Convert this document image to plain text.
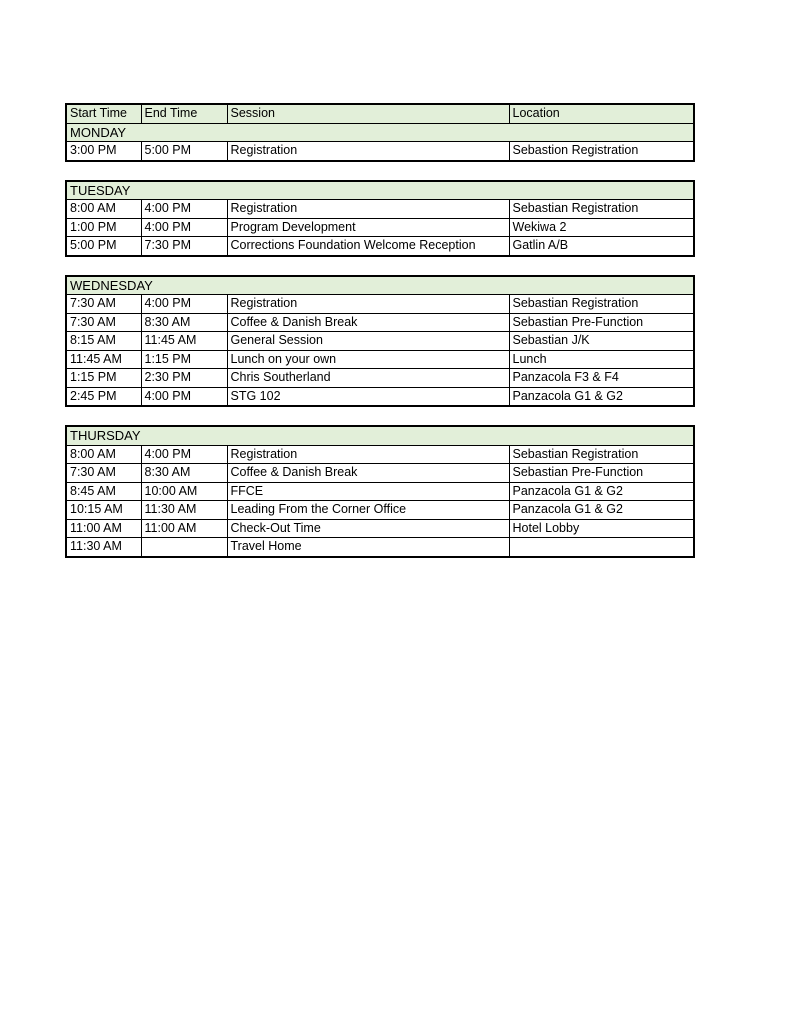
Start Time	End Time	Session	Location
MONDAY			
3:00 PM	5:00 PM	Registration	Sebastion Registration
TUESDAY			
8:00 AM	4:00 PM	Registration	Sebastian Registration
1:00 PM	4:00 PM	Program Development	Wekiwa 2
5:00 PM	7:30 PM	Corrections Foundation Welcome Reception	Gatlin A/B
WEDNESDAY			
7:30 AM	4:00 PM	Registration	Sebastian Registration
7:30 AM	8:30 AM	Coffee & Danish Break	Sebastian Pre-Function
8:15 AM	11:45 AM	General Session	Sebastian J/K
11:45 AM	1:15 PM	Lunch on your own	Lunch
1:15 PM	2:30 PM	Chris Southerland	Panzacola F3 & F4
2:45 PM	4:00 PM	STG 102	Panzacola G1 & G2
THURSDAY			
8:00 AM	4:00 PM	Registration	Sebastian Registration
7:30 AM	8:30 AM	Coffee & Danish Break	Sebastian Pre-Function
8:45 AM	10:00 AM	FFCE	Panzacola G1 & G2
10:15 AM	11:30 AM	Leading From the Corner Office	Panzacola G1 & G2
11:00 AM	11:00 AM	Check-Out Time	Hotel Lobby
11:30 AM		Travel Home	
